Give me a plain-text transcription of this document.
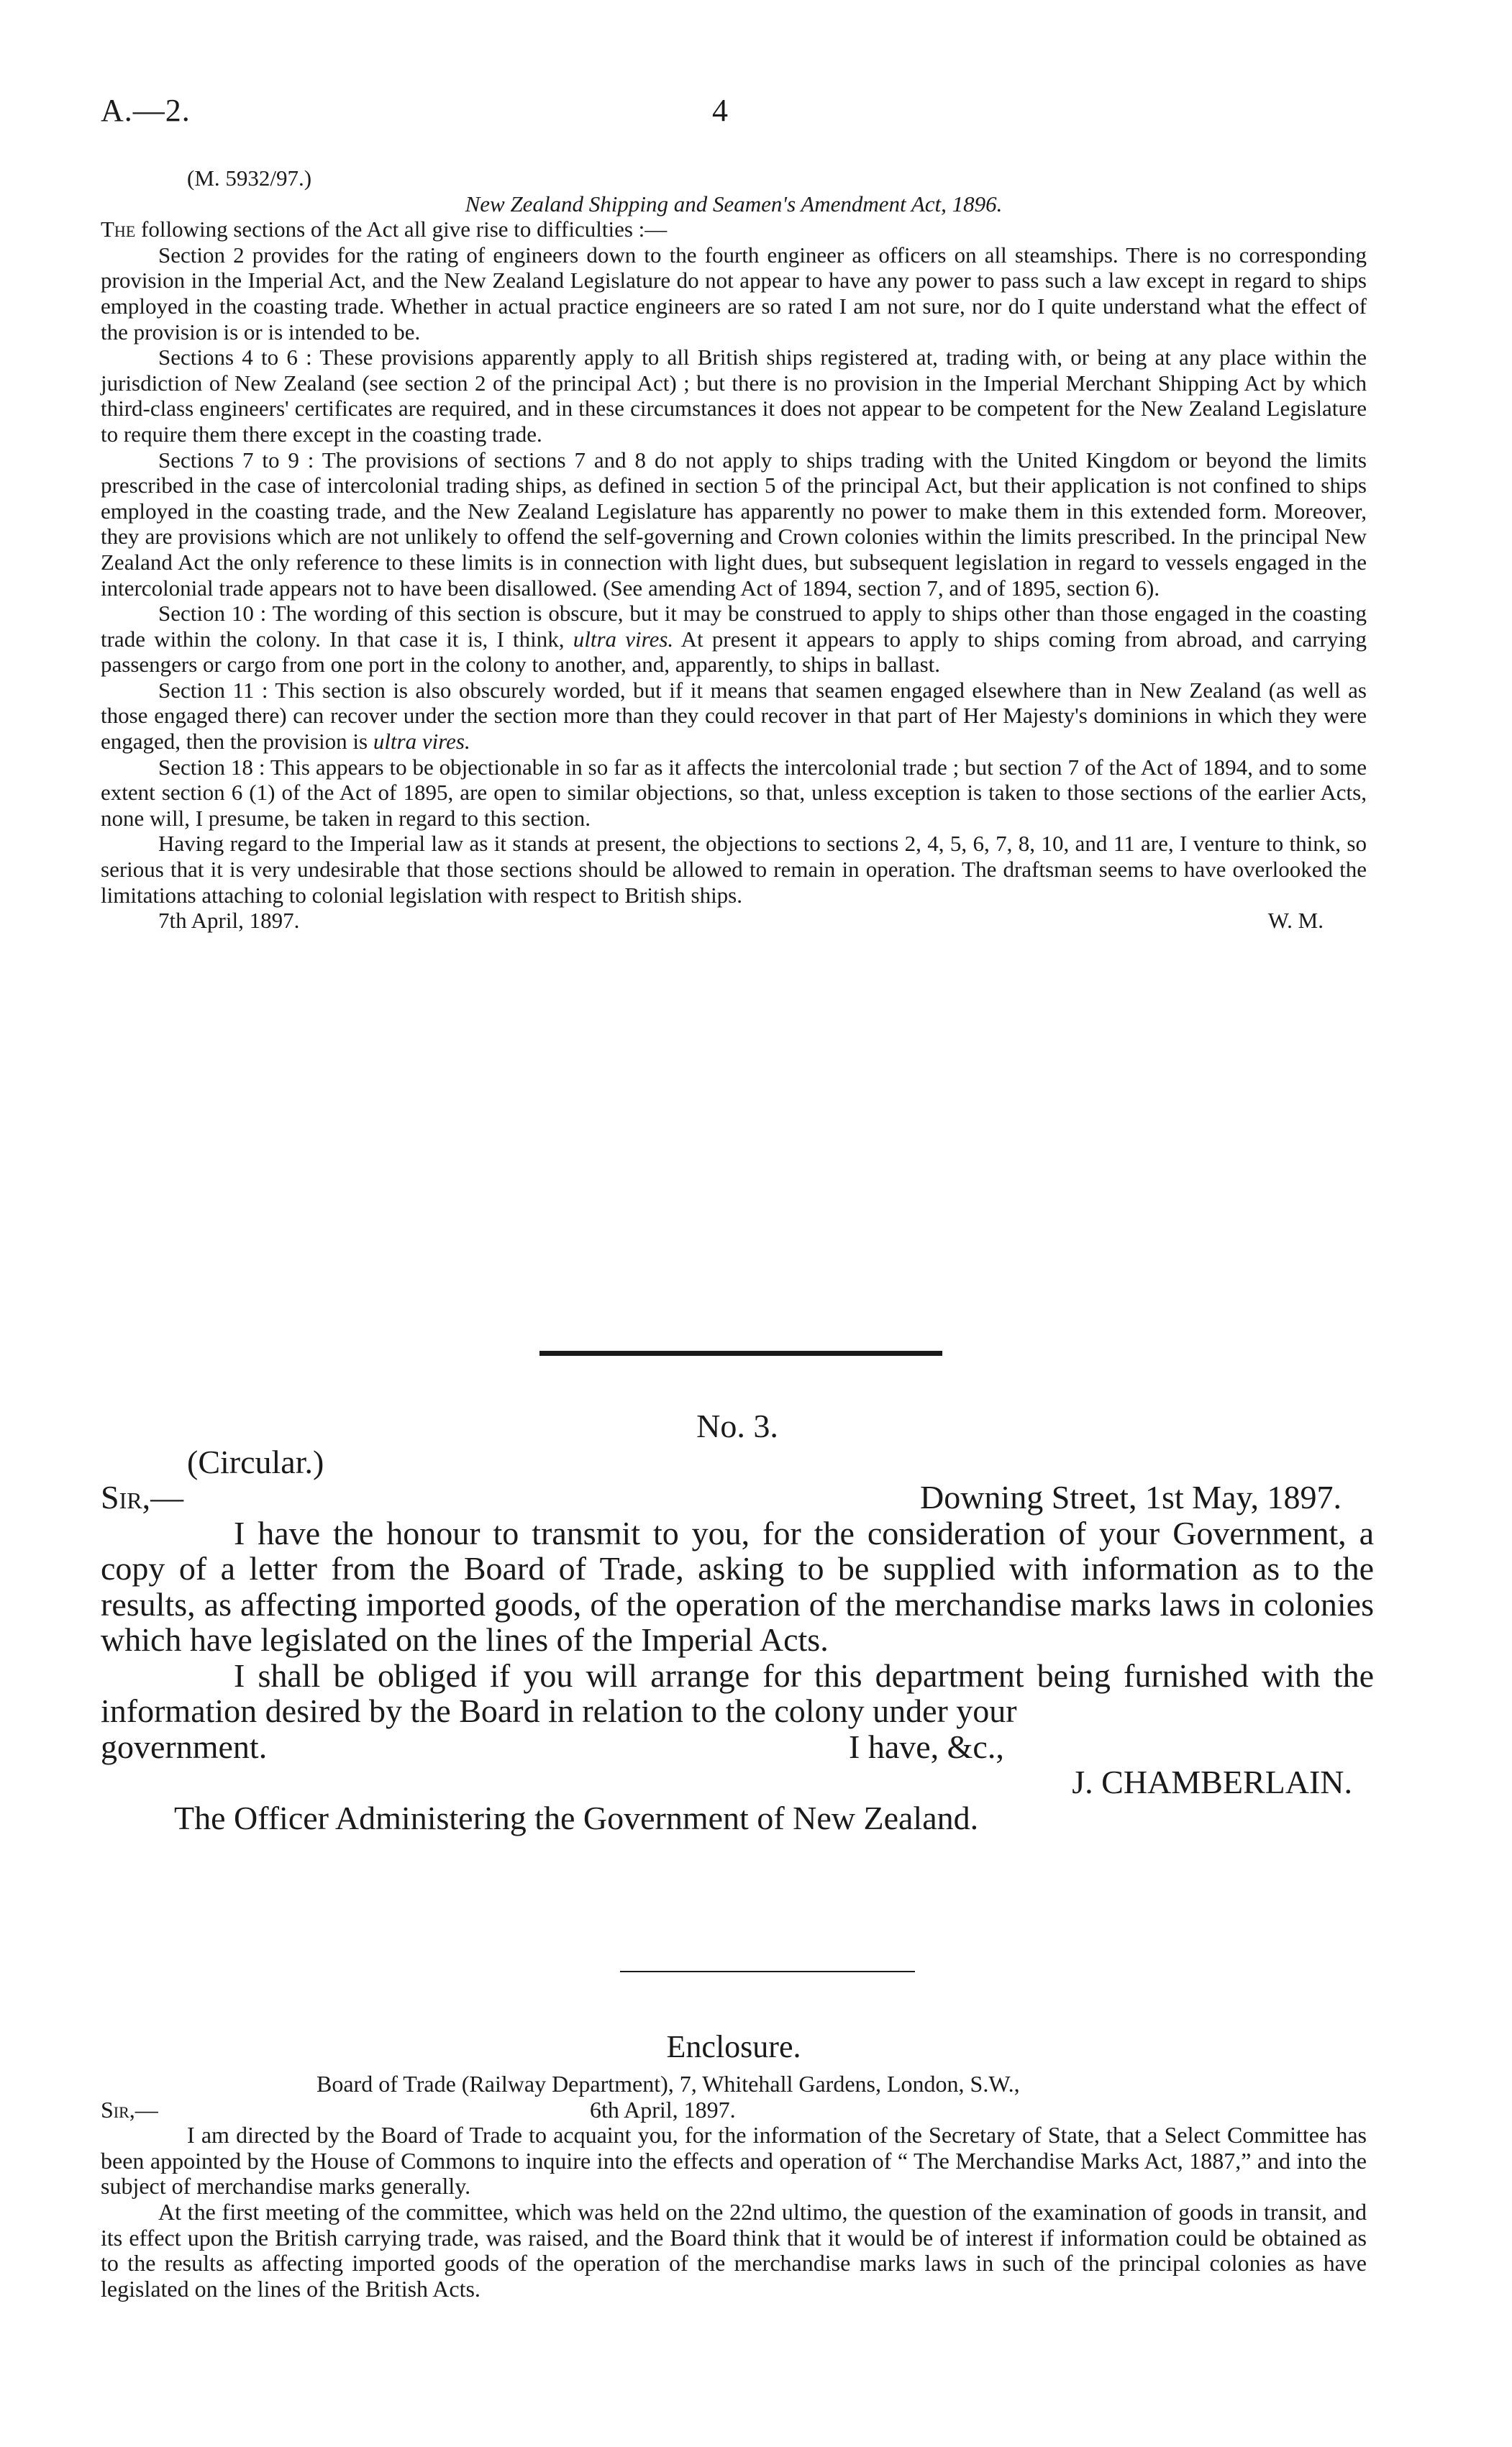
A.—2.	4

(M. 5932/97.)

New Zealand Shipping and Seamen's Amendment Act, 1896.

The following sections of the Act all give rise to difficulties :—

Section 2 provides for the rating of engineers down to the fourth engineer as officers on all steamships. There is no corresponding provision in the Imperial Act, and the New Zealand Legislature do not appear to have any power to pass such a law except in regard to ships employed in the coasting trade. Whether in actual practice engineers are so rated I am not sure, nor do I quite understand what the effect of the provision is or is intended to be.

Sections 4 to 6 : These provisions apparently apply to all British ships registered at, trading with, or being at any place within the jurisdiction of New Zealand (see section 2 of the principal Act) ; but there is no provision in the Imperial Merchant Shipping Act by which third-class engineers' certificates are required, and in these circumstances it does not appear to be competent for the New Zealand Legislature to require them there except in the coasting trade.

Sections 7 to 9 : The provisions of sections 7 and 8 do not apply to ships trading with the United Kingdom or beyond the limits prescribed in the case of intercolonial trading ships, as defined in section 5 of the principal Act, but their application is not confined to ships employed in the coasting trade, and the New Zealand Legislature has apparently no power to make them in this extended form. Moreover, they are provisions which are not unlikely to offend the self-governing and Crown colonies within the limits prescribed. In the principal New Zealand Act the only reference to these limits is in connection with light dues, but subsequent legislation in regard to vessels engaged in the intercolonial trade appears not to have been disallowed. (See amending Act of 1894, section 7, and of 1895, section 6).

Section 10 : The wording of this section is obscure, but it may be construed to apply to ships other than those engaged in the coasting trade within the colony. In that case it is, I think, ultra vires. At present it appears to apply to ships coming from abroad, and carrying passengers or cargo from one port in the colony to another, and, apparently, to ships in ballast.

Section 11 : This section is also obscurely worded, but if it means that seamen engaged elsewhere than in New Zealand (as well as those engaged there) can recover under the section more than they could recover in that part of Her Majesty's dominions in which they were engaged, then the provision is ultra vires.

Section 18 : This appears to be objectionable in so far as it affects the intercolonial trade ; but section 7 of the Act of 1894, and to some extent section 6 (1) of the Act of 1895, are open to similar objections, so that, unless exception is taken to those sections of the earlier Acts, none will, I presume, be taken in regard to this section.

Having regard to the Imperial law as it stands at present, the objections to sections 2, 4, 5, 6, 7, 8, 10, and 11 are, I venture to think, so serious that it is very undesirable that those sections should be allowed to remain in operation. The draftsman seems to have overlooked the limitations attaching to colonial legislation with respect to British ships.

7th April, 1897.	W. M.

No. 3.

(Circular.)

Sir,—	Downing Street, 1st May, 1897.

I have the honour to transmit to you, for the consideration of your Government, a copy of a letter from the Board of Trade, asking to be supplied with information as to the results, as affecting imported goods, of the operation of the merchandise marks laws in colonies which have legislated on the lines of the Imperial Acts.

I shall be obliged if you will arrange for this department being furnished with the information desired by the Board in relation to the colony under your

government.	I have, &c.,

J. CHAMBERLAIN.

The Officer Administering the Government of New Zealand.

Enclosure.

Board of Trade (Railway Department), 7, Whitehall Gardens, London, S.W.,

Sir,—	6th April, 1897.

I am directed by the Board of Trade to acquaint you, for the information of the Secretary of State, that a Select Committee has been appointed by the House of Commons to inquire into the effects and operation of “ The Merchandise Marks Act, 1887,” and into the subject of merchandise marks generally.

At the first meeting of the committee, which was held on the 22nd ultimo, the question of the examination of goods in transit, and its effect upon the British carrying trade, was raised, and the Board think that it would be of interest if information could be obtained as to the results as affecting imported goods of the operation of the merchandise marks laws in such of the principal colonies as have legislated on the lines of the British Acts.
